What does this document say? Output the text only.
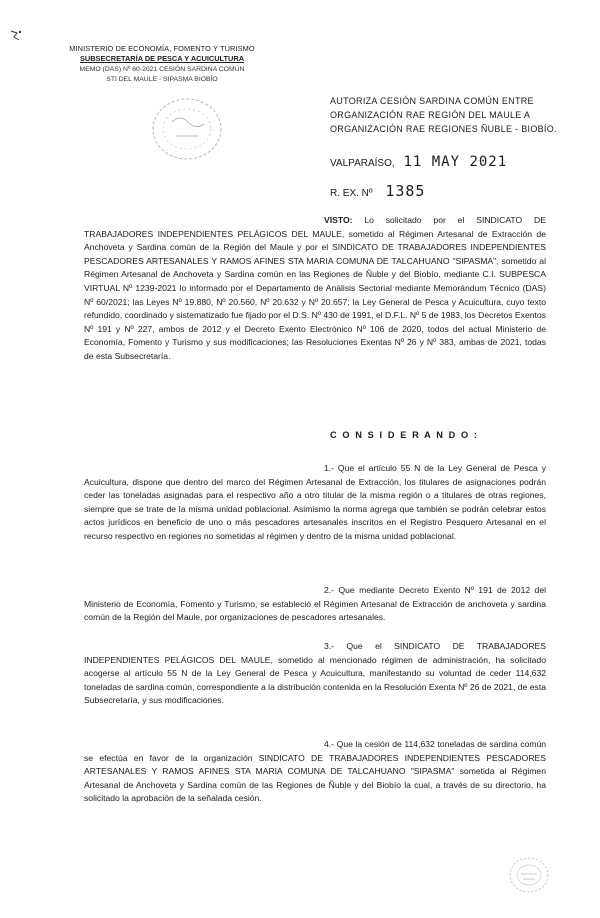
MINISTERIO DE ECONOMÍA, FOMENTO Y TURISMO
SUBSECRETARÍA DE PESCA Y ACUICULTURA
MEMO (DAS) Nº 60-2021 CESIÓN SARDINA COMÚN
STI DEL MAULE - SIPASMA BIOBÍO
AUTORIZA CESIÓN SARDINA COMÚN ENTRE ORGANIZACIÓN RAE REGIÓN DEL MAULE A ORGANIZACIÓN RAE REGIONES ÑUBLE - BIOBÍO.
VALPARAÍSO, 11 MAY 2021
R. EX. Nº 1385

VISTO: Lo solicitado por el SINDICATO DE TRABAJADORES INDEPENDIENTES PELÁGICOS DEL MAULE, sometido al Régimen Artesanal de Extracción de Anchoveta y Sardina común de la Región del Maule y por el SINDICATO DE TRABAJADORES INDEPENDIENTES PESCADORES ARTESANALES Y RAMOS AFINES STA MARIA COMUNA DE TALCAHUANO "SIPASMA", sometido al Régimen Artesanal de Anchoveta y Sardina común en las Regiones de Ñuble y del Biobío, mediante C.I. SUBPESCA VIRTUAL Nº 1239-2021 lo informado por el Departamento de Análisis Sectorial mediante Memorándum Técnico (DAS) Nº 60/2021; las Leyes Nº 19.880, Nº 20.560, Nº 20.632 y Nº 20.657; la Ley General de Pesca y Acuicultura, cuyo texto refundido, coordinado y sistematizado fue fijado por el D.S. Nº 430 de 1991, el D.F.L. Nº 5 de 1983, los Decretos Exentos Nº 191 y Nº 227, ambos de 2012 y el Decreto Exento Electrónico Nº 106 de 2020, todos del actual Ministerio de Economía, Fomento y Turismo y sus modificaciones; las Resoluciones Exentas Nº 26 y Nº 383, ambas de 2021, todas de esta Subsecretaría.

C O N S I D E R A N D O :

1.- Que el artículo 55 N de la Ley General de Pesca y Acuicultura, dispone que dentro del marco del Régimen Artesanal de Extracción, los titulares de asignaciones podrán ceder las toneladas asignadas para el respectivo año a otro titular de la misma región o a titulares de otras regiones, siempre que se trate de la misma unidad poblacional. Asimismo la norma agrega que también se podrán celebrar estos actos jurídicos en beneficio de uno o más pescadores artesanales inscritos en el Registro Pesquero Artesanal en el recurso respectivo en regiones no sometidas al régimen y dentro de la misma unidad poblacional.

2.- Que mediante Decreto Exento Nº 191 de 2012 del Ministerio de Economía, Fomento y Turismo, se estableció el Régimen Artesanal de Extracción de anchoveta y sardina común de la Región del Maule, por organizaciones de pescadores artesanales.

3.- Que el SINDICATO DE TRABAJADORES INDEPENDIENTES PELÁGICOS DEL MAULE, sometido al mencionado régimen de administración, ha solicitado acogerse al artículo 55 N de la Ley General de Pesca y Acuicultura, manifestando su voluntad de ceder 114,632 toneladas de sardina común, correspondiente a la distribución contenida en la Resolución Exenta Nº 26 de 2021, de esta Subsecretaría, y sus modificaciones.

4.- Que la cesión de 114,632 toneladas de sardina común se efectúa en favor de la organización SINDICATO DE TRABAJADORES INDEPENDIENTES PESCADORES ARTESANALES Y RAMOS AFINES STA MARIA COMUNA DE TALCAHUANO "SIPASMA" sometida al Régimen Artesanal de Anchoveta y Sardina común de las Regiones de Ñuble y del Biobío la cual, a través de su directorio, ha solicitado la aprobación de la señalada cesión.
